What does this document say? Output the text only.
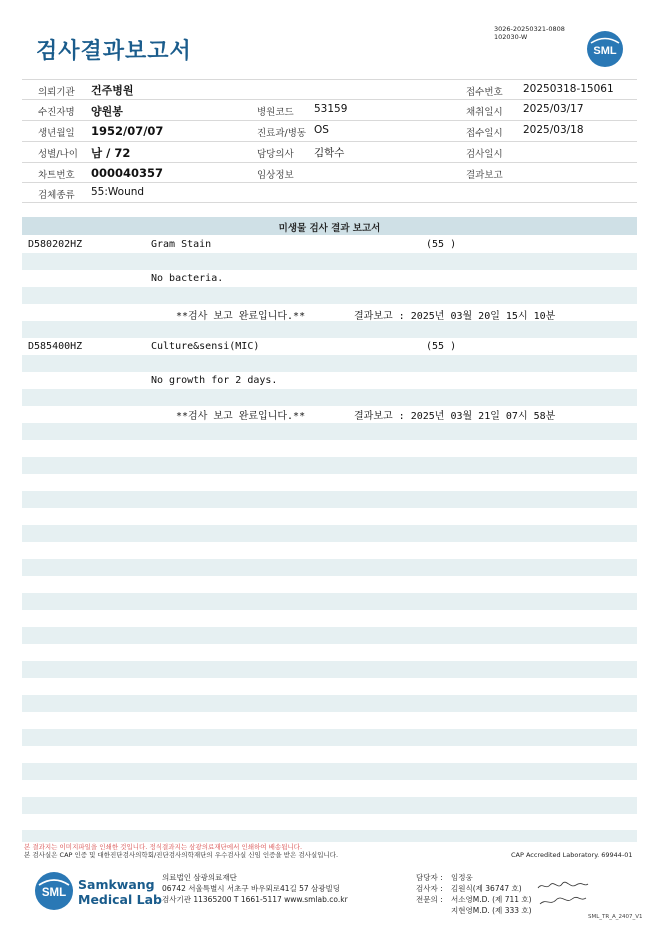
검사결과보고서
3026-20250321-0808
102030-W
SML
의뢰기관 건주병원	접수번호 20250318-15061
수진자명 양원봉	병원코드 53159	채취일시 2025/03/17
생년월일 1952/07/07	진료과/병동 OS	접수일시 2025/03/18
성별/나이 남 / 72	담당의사 김학수	검사일시
차트번호 000040357	임상정보	결과보고
검체종류 55:Wound
미생물 검사 결과 보고서
D580202HZ	Gram Stain	(55 )
No bacteria.
**검사 보고 완료입니다.**	결과보고 : 2025년 03월 20일 15시 10분
D585400HZ	Culture&sensi(MIC)	(55 )
No growth for 2 days.
**검사 보고 완료입니다.**	결과보고 : 2025년 03월 21일 07시 58분
본 결과지는 이미지파일을 인쇄한 것입니다. 정식결과지는 삼광의료재단에서 인쇄하여 배송됩니다.
본 검사실은 CAP 인증 및 대한진단검사의학회/진단검사의학재단의 우수검사실 신임 인증을 받은 검사실입니다.	CAP Accredited Laboratory. 69944-01
SML
Samkwang
Medical Lab
의료법인 삼광의료재단
06742 서울특별시 서초구 바우뫼로41길 57 삼광빌딩
검사기관 11365200 T 1661-5117 www.smlab.co.kr
담당자 : 임정웅
검사자 : 김원식(제 36747 호)
전문의 : 서소영M.D. (제 711 호)
지현영M.D. (제 333 호)
SML_TR_A_2407_V1
